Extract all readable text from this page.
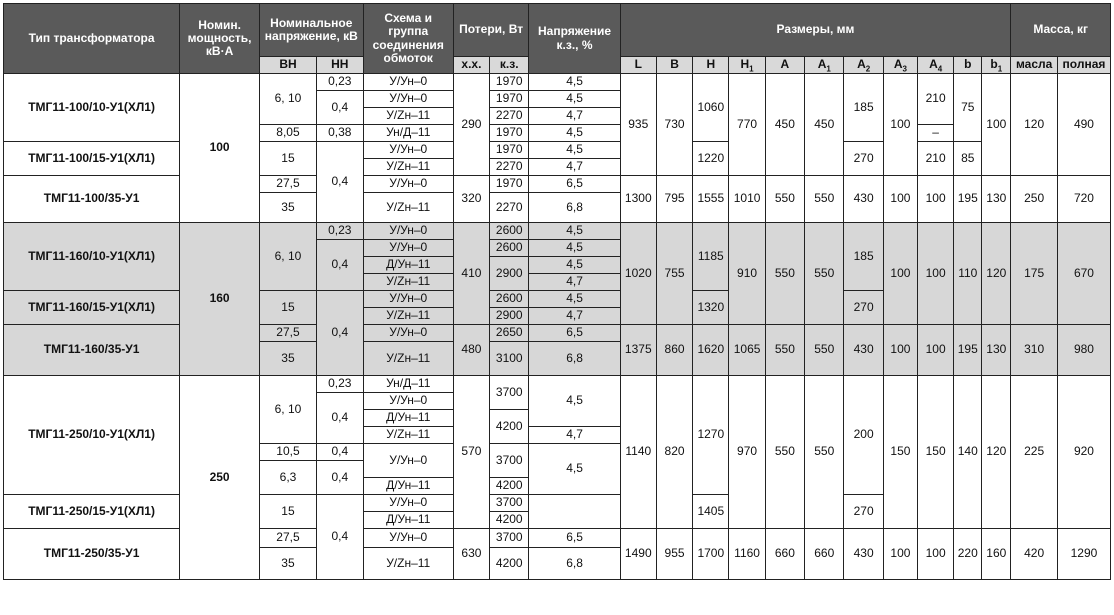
Тип трансформатора	Номин. мощность, кВ·А	Номинальное напряжение, кВ		Схема и группа соединения обмоток	Потери, Вт		Напряжение к.з., %	Размеры, мм											Масса, кг	
		ВН	НН		х.х.	к.з.		L	B	H	$H_1$	A	$A_1$	$A_2$	$A_3$	$A_4$	b	$b_1$	масла	полная
ТМГ11-100/10-У1(ХЛ1)	100	6, 10	0,23	У/Ун–0	290	1970	4,5	935	730	1060	770	450	450	185	100	210	75	100	120	490
			0,4	У/Ун–0		1970	4,5													
				У/Zн–11		2270	4,7													
		8,05	0,38	Ун/Д–11		1970	4,5									–				
ТМГ11-100/15-У1(ХЛ1)		15	0,4	У/Ун–0		1970	4,5			1220				270		210	85			
				У/Zн–11		2270	4,7													
ТМГ11-100/35-У1		27,5		У/Ун–0	320	1970	6,5	1300	795	1555	1010	550	550	430	100	100	195	130	250	720
		35		У/Zн–11		2270	6,8													
ТМГ11-160/10-У1(ХЛ1)	160	6, 10	0,23	У/Ун–0	410	2600	4,5	1020	755	1185	910	550	550	185	100	100	110	120	175	670
			0,4	У/Ун–0		2600	4,5													
				Д/Ун–11		2900	4,5													
				У/Zн–11			4,7													
ТМГ11-160/15-У1(ХЛ1)		15	0,4	У/Ун–0		2600	4,5			1320				270						
				У/Zн–11		2900	4,7													
ТМГ11-160/35-У1		27,5		У/Ун–0	480	2650	6,5	1375	860	1620	1065	550	550	430	100	100	195	130	310	980
		35		У/Zн–11		3100	6,8													
ТМГ11-250/10-У1(ХЛ1)	250	6, 10	0,23	Ун/Д–11	570	3700	4,5	1140	820	1270	970	550	550	200	150	150	140	120	225	920
			0,4	У/Ун–0																
				Д/Ун–11		4200														
				У/Zн–11			4,7													
		10,5	0,4	У/Ун–0		3700	4,5													
		6,3	0,4																	
				Д/Ун–11		4200														
ТМГ11-250/15-У1(ХЛ1)		15	0,4	У/Ун–0		3700				1405				270						
				Д/Ун–11		4200														
ТМГ11-250/35-У1		27,5		У/Ун–0	630	3700	6,5	1490	955	1700	1160	660	660	430	100	100	220	160	420	1290
		35		У/Zн–11		4200	6,8													
